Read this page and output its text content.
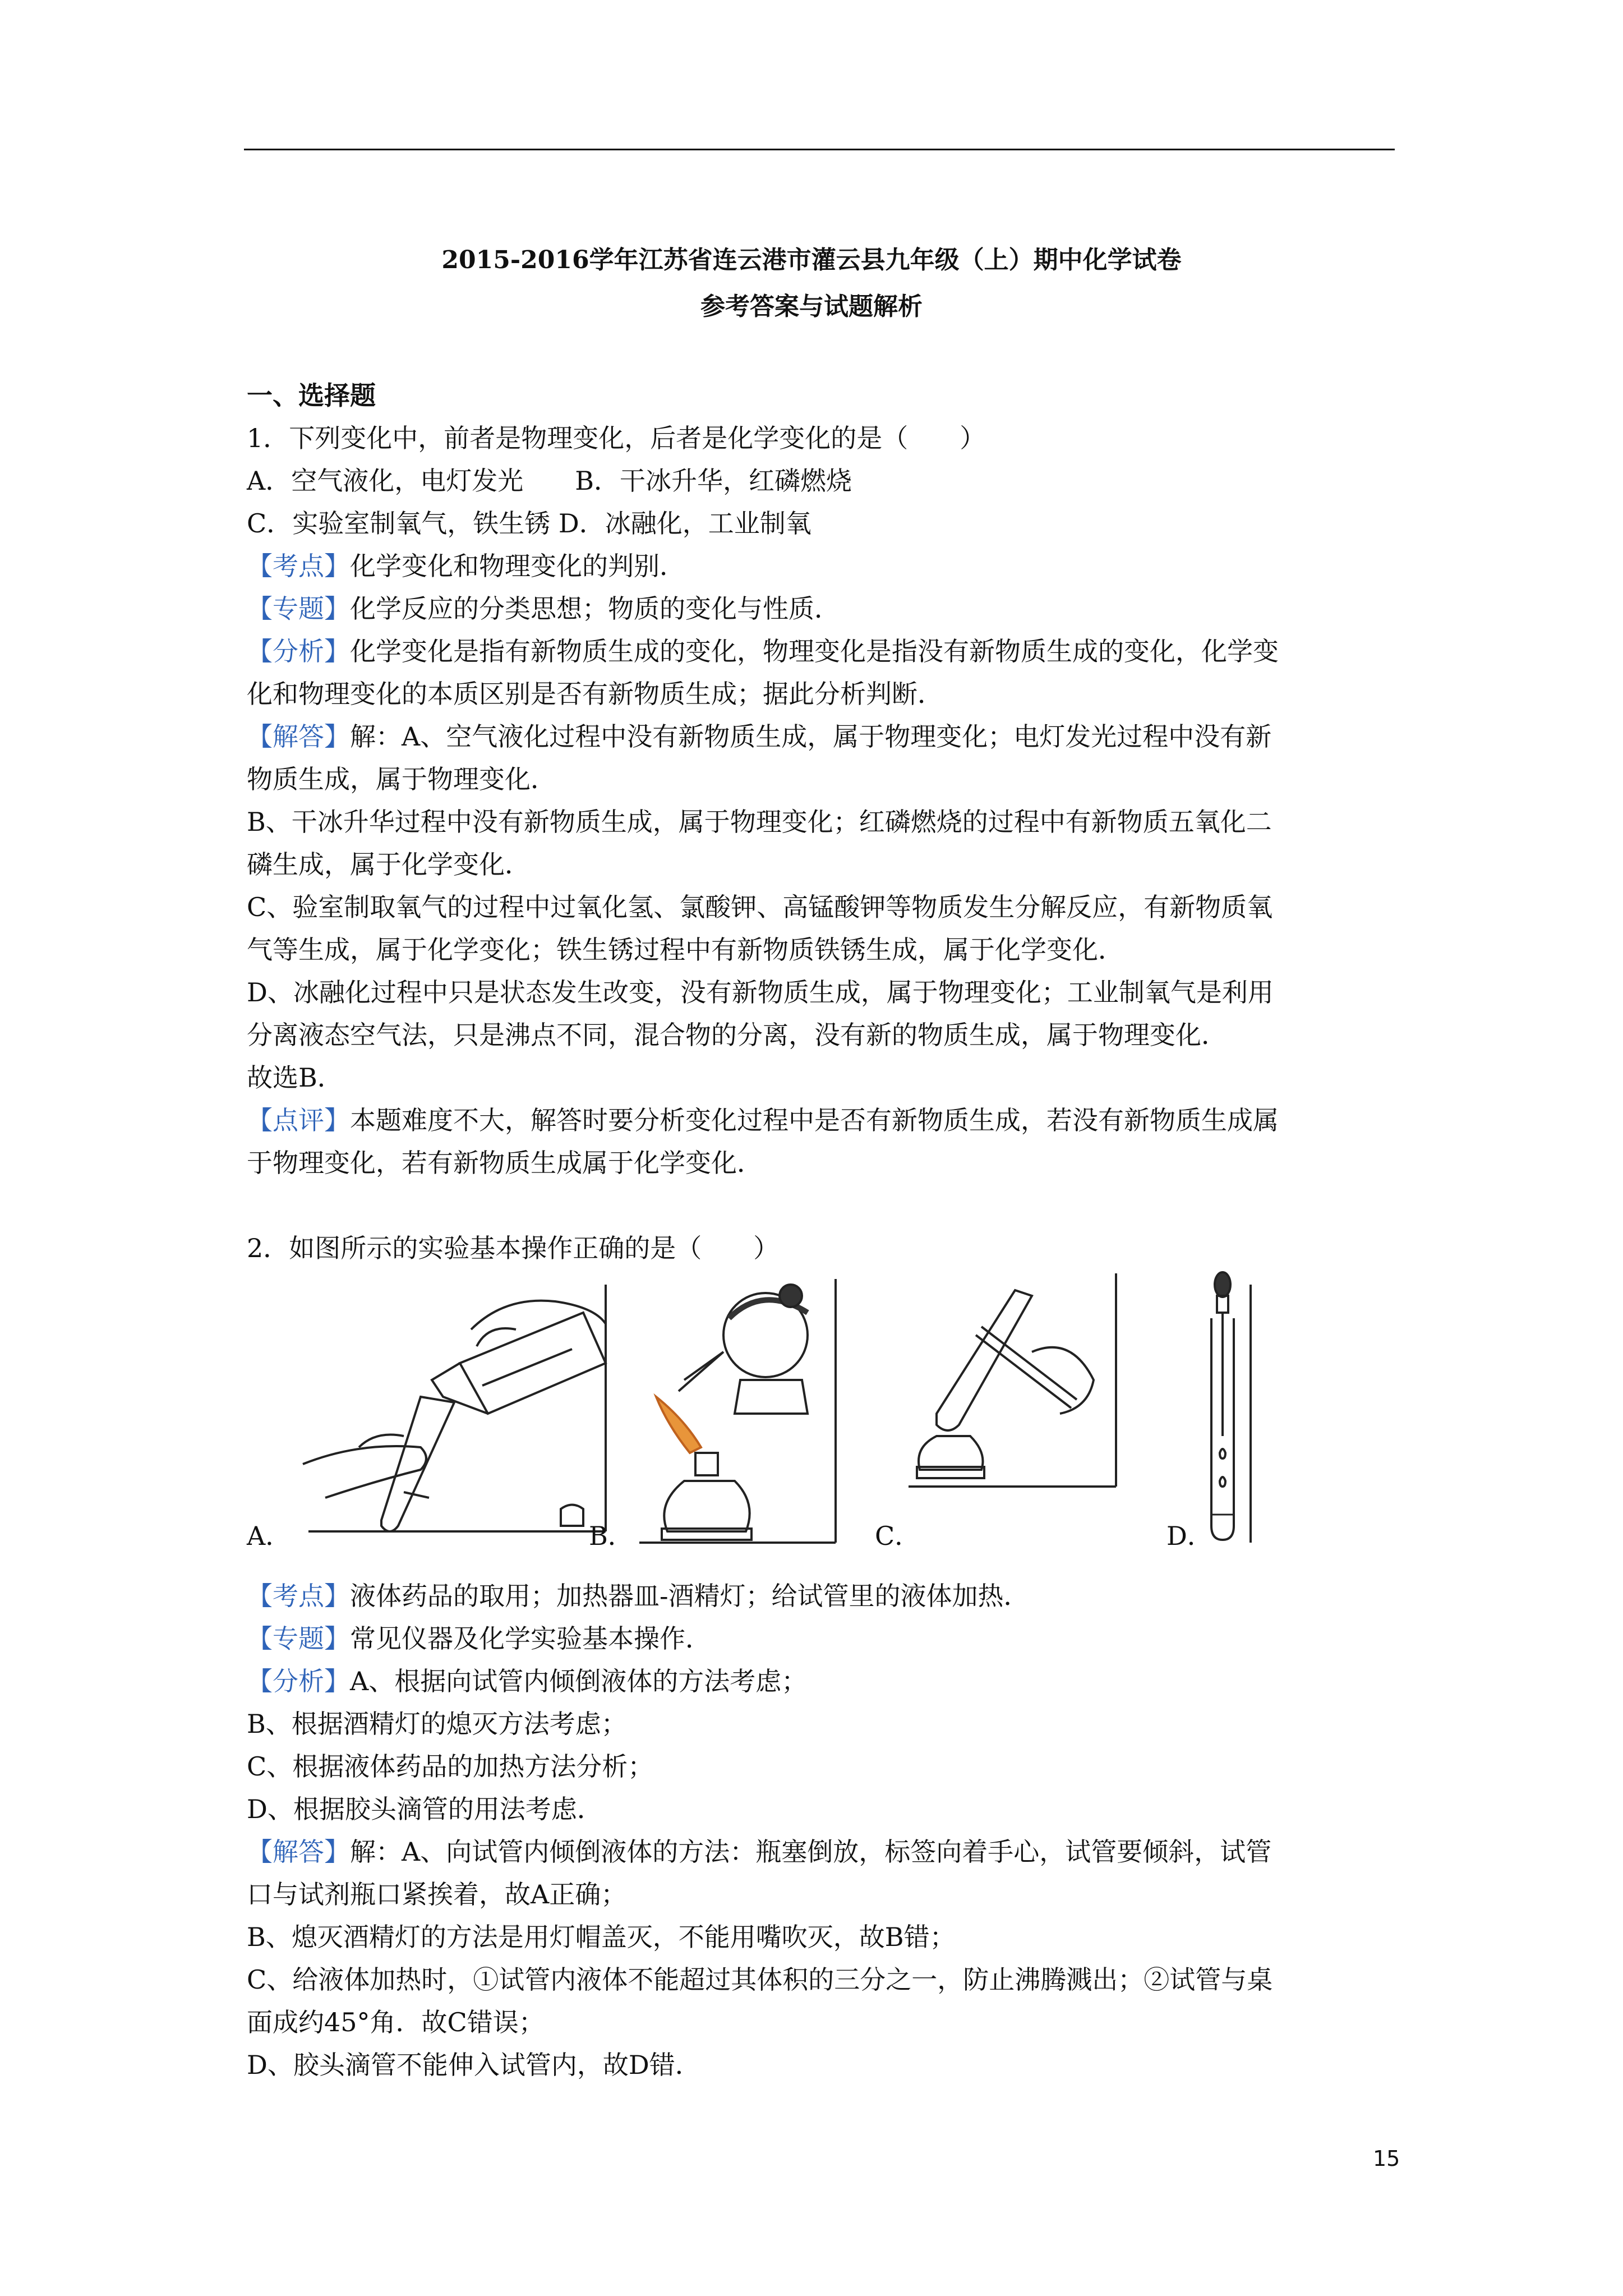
2015-2016学年江苏省连云港市灌云县九年级（上）期中化学试卷
参考答案与试题解析

一、选择题

1．下列变化中，前者是物理变化，后者是化学变化的是（　　）

A．空气液化，电灯发光　　B．干冰升华，红磷燃烧

C．实验室制氧气，铁生锈 D．冰融化，工业制氧

【考点】化学变化和物理变化的判别．

【专题】化学反应的分类思想；物质的变化与性质．

【分析】化学变化是指有新物质生成的变化，物理变化是指没有新物质生成的变化，化学变

化和物理变化的本质区别是否有新物质生成；据此分析判断．

【解答】解：A、空气液化过程中没有新物质生成，属于物理变化；电灯发光过程中没有新

物质生成，属于物理变化．

B、干冰升华过程中没有新物质生成，属于物理变化；红磷燃烧的过程中有新物质五氧化二

磷生成，属于化学变化．

C、验室制取氧气的过程中过氧化氢、氯酸钾、高锰酸钾等物质发生分解反应，有新物质氧

气等生成，属于化学变化；铁生锈过程中有新物质铁锈生成，属于化学变化．

D、冰融化过程中只是状态发生改变，没有新物质生成，属于物理变化；工业制氧气是利用

分离液态空气法，只是沸点不同，混合物的分离，没有新的物质生成，属于物理变化．

故选B．

【点评】本题难度不大，解答时要分析变化过程中是否有新物质生成，若没有新物质生成属

于物理变化，若有新物质生成属于化学变化．

2．如图所示的实验基本操作正确的是（　　）

【考点】液体药品的取用；加热器皿-酒精灯；给试管里的液体加热．

【专题】常见仪器及化学实验基本操作．

【分析】A、根据向试管内倾倒液体的方法考虑；

B、根据酒精灯的熄灭方法考虑；

C、根据液体药品的加热方法分析；

D、根据胶头滴管的用法考虑．

【解答】解：A、向试管内倾倒液体的方法：瓶塞倒放，标签向着手心，试管要倾斜，试管

口与试剂瓶口紧挨着，故A正确；

B、熄灭酒精灯的方法是用灯帽盖灭，不能用嘴吹灭，故B错；

C、给液体加热时，①试管内液体不能超过其体积的三分之一，防止沸腾溅出；②试管与桌

面成约45°角．故C错误；

D、胶头滴管不能伸入试管内，故D错．

A．	B．	C．	D．
15
